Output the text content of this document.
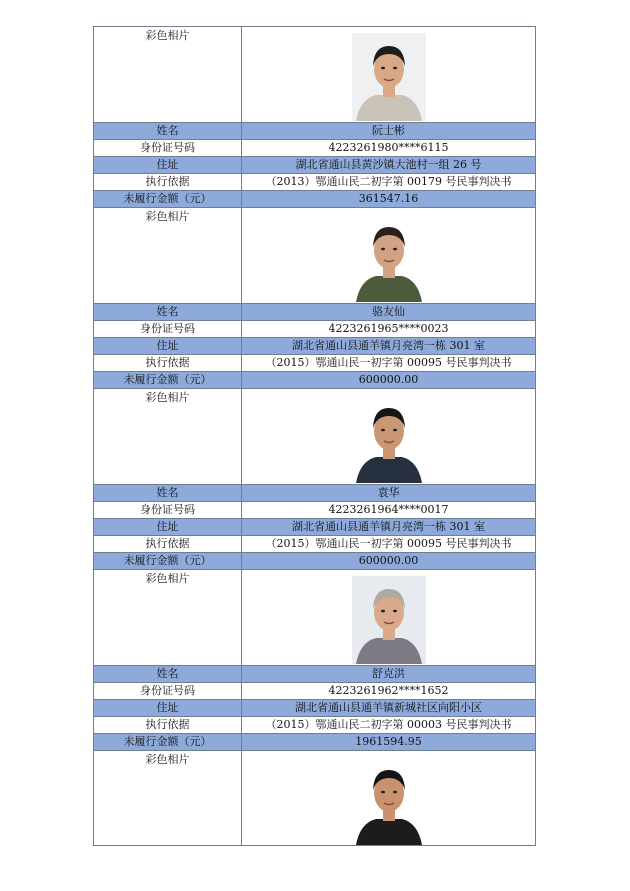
彩色相片	

姓名	阮士彬
身份证号码	4223261980****6115
住址	湖北省通山县黄沙镇大池村一组 26 号
执行依据	（2013）鄂通山民二初字第 00179 号民事判决书
未履行金额（元）	361547.16
彩色相片	

姓名	骆友仙
身份证号码	4223261965****0023
住址	湖北省通山县通羊镇月亮湾一栋 301 室
执行依据	（2015）鄂通山民一初字第 00095 号民事判决书
未履行金额（元）	600000.00
彩色相片	

姓名	袁华
身份证号码	4223261964****0017
住址	湖北省通山县通羊镇月亮湾一栋 301 室
执行依据	（2015）鄂通山民一初字第 00095 号民事判决书
未履行金额（元）	600000.00
彩色相片	

姓名	舒克洪
身份证号码	4223261962****1652
住址	湖北省通山县通羊镇新城社区向阳小区
执行依据	（2015）鄂通山民二初字第 00003 号民事判决书
未履行金额（元）	1961594.95
彩色相片	
